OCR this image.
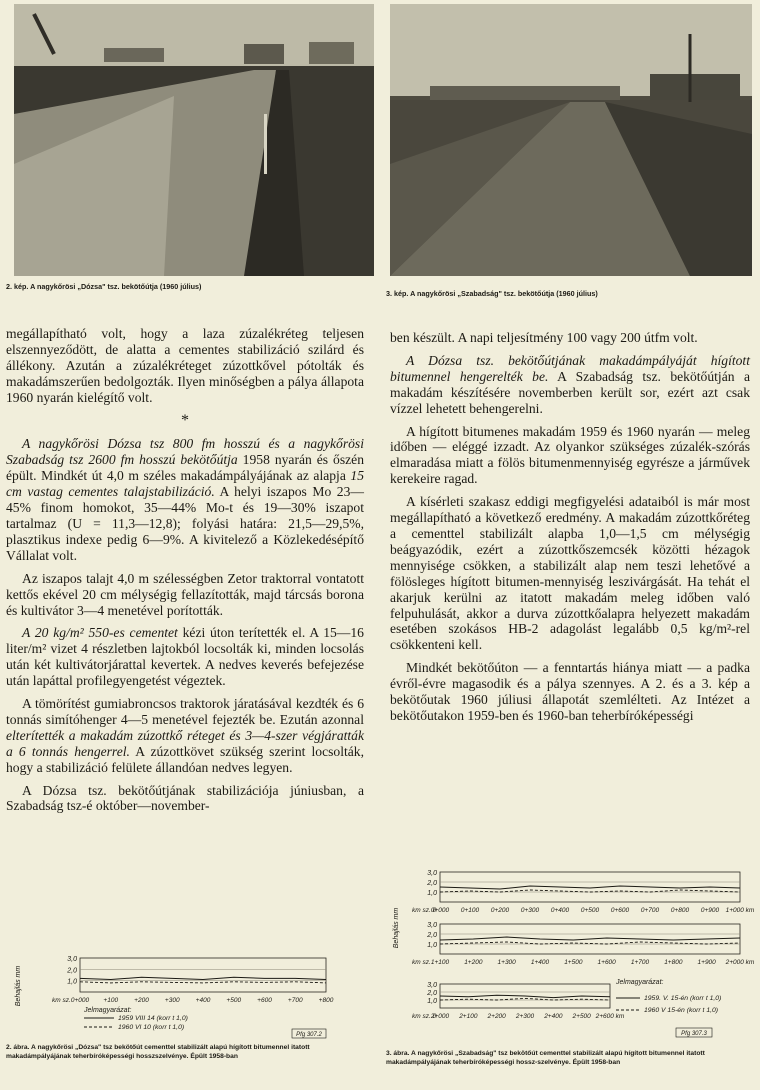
2. kép. A nagykőrösi „Dózsa" tsz. bekötőútja (1960 július)
3. kép. A nagykőrösi „Szabadság" tsz. bekötőútja (1960 július)

megállapítható volt, hogy a laza zúzalékréteg teljesen elszennyeződött, de alatta a cementes stabilizáció szilárd és állékony. Azután a zúzalékréteget zúzottkővel pótolták és makadámszerűen bedolgozták. Ilyen minőségben a pálya állapota 1960 nyarán kielégítő volt.

*

A nagykőrösi Dózsa tsz 800 fm hosszú és a nagykőrösi Szabadság tsz 2600 fm hosszú bekötőútja 1958 nyarán és őszén épült. Mindkét út 4,0 m széles makadámpályájának az alapja 15 cm vastag cementes talajstabilizáció. A helyi iszapos Mo 23—45% finom homokot, 35—44% Mo-t és 19—30% iszapot tartalmaz (U = 11,3—12,8); folyási határa: 21,5—29,5%, plasztikus indexe pedig 6—9%. A kivitelező a Közlekedésépítő Vállalat volt.

Az iszapos talajt 4,0 m szélességben Zetor traktorral vontatott kettős ekével 20 cm mélységig fellazították, majd tárcsás borona és kultivátor 3—4 menetével porították.

A 20 kg/m² 550-es cementet kézi úton terítették el. A 15—16 liter/m² vizet 4 részletben lajtokból locsolták ki, minden locsolás után két kultivátorjárattal kevertek. A nedves keverés befejezése után lapáttal profilegyengetést végeztek.

A tömörítést gumiabroncsos traktorok járatásával kezdték és 6 tonnás simítóhenger 4—5 menetével fejezték be. Ezután azonnal elterítették a makadám zúzottkő réteget és 3—4-szer végjáratták a 6 tonnás hengerrel. A zúzottkövet szükség szerint locsolták, hogy a stabilizáció felülete állandóan nedves legyen.

A Dózsa tsz. bekötőútjának stabilizációja júniusban, a Szabadság tsz-é október—november-

ben készült. A napi teljesítmény 100 vagy 200 útfm volt.

A Dózsa tsz. bekötőútjának makadámpályáját hígított bitumennel hengerelték be. A Szabadság tsz. bekötőútján a makadám készítésére novemberben került sor, ezért azt csak vízzel lehetett behengerelni.

A hígított bitumenes makadám 1959 és 1960 nyarán — meleg időben — eléggé izzadt. Az olyankor szükséges zúzalék-szórás elmaradása miatt a fölös bitumenmennyiség egyrésze a járművek kerekeire ragad.

A kísérleti szakasz eddigi megfigyelési adataiból is már most megállapítható a következő eredmény. A makadám zúzottkőréteg a cementtel stabilizált alapba 1,0—1,5 cm mélységig beágyazódik, ezért a zúzottkőszemcsék közötti hézagok mennyisége csökken, a stabilizált alap nem teszi lehetővé a fölösleges hígított bitumen-mennyiség leszivárgását. Ha tehát el akarjuk kerülni az itatott makadám meleg időben való felpuhulását, akkor a durva zúzottkőalapra helyezett makadám esetében szokásos HB-2 adagolást legalább 0,5 kg/m²-rel csökkenteni kell.

Mindkét bekötőúton — a fenntartás hiánya miatt — a padka évről-évre magasodik és a pálya szennyes. A 2. és a 3. kép a bekötőutak 1960 júliusi állapotát szemlélteti. Az Intézet a bekötőutakon 1959-ben és 1960-ban teherbíróképességi

Behajlás mm
3,0
2,0
1,0
km sz. 0+000 +100 +200 +300 +400 +500 +600 +700 +800
Jelmagyarázat:
1959 VIII 14 (korr t 1,0)
1960 VI 10 (korr t 1,0)
Pfg 307.2
2. ábra. A nagykőrösi „Dózsa" tsz bekötőút cementtel stabilizált alapú hígított bitumennel itatott makadámpályájának teherbíróképességi hosszszelvénye. Épült 1958-ban
Behajlás mm
3,0
2,0
1,0
km sz. 0
0+000 0+100 0+200 0+300 0+400 0+500 0+600 0+700 0+800 0+900 1+000 km
3,0
2,0
1,0
km sz. 1+100 1+200 1+300 1+400 1+500 1+600 1+700 1+800 1+900 2+000 km
3,0
2,0
1,0
km sz. 0
2+000 2+100 2+200 2+300 2+400 2+500 2+600 km
Jelmagyarázat:
1959. V. 15-én (korr t 1,0)
1960 V 15-én (korr t 1,0)
Pfg 307.3
3. ábra. A nagykőrösi „Szabadság" tsz bekötőút cementtel stabilizált alapú hígított bitumennel itatott makadámpályájának teherbíróképességi hossz-szelvénye. Épült 1958-ban
